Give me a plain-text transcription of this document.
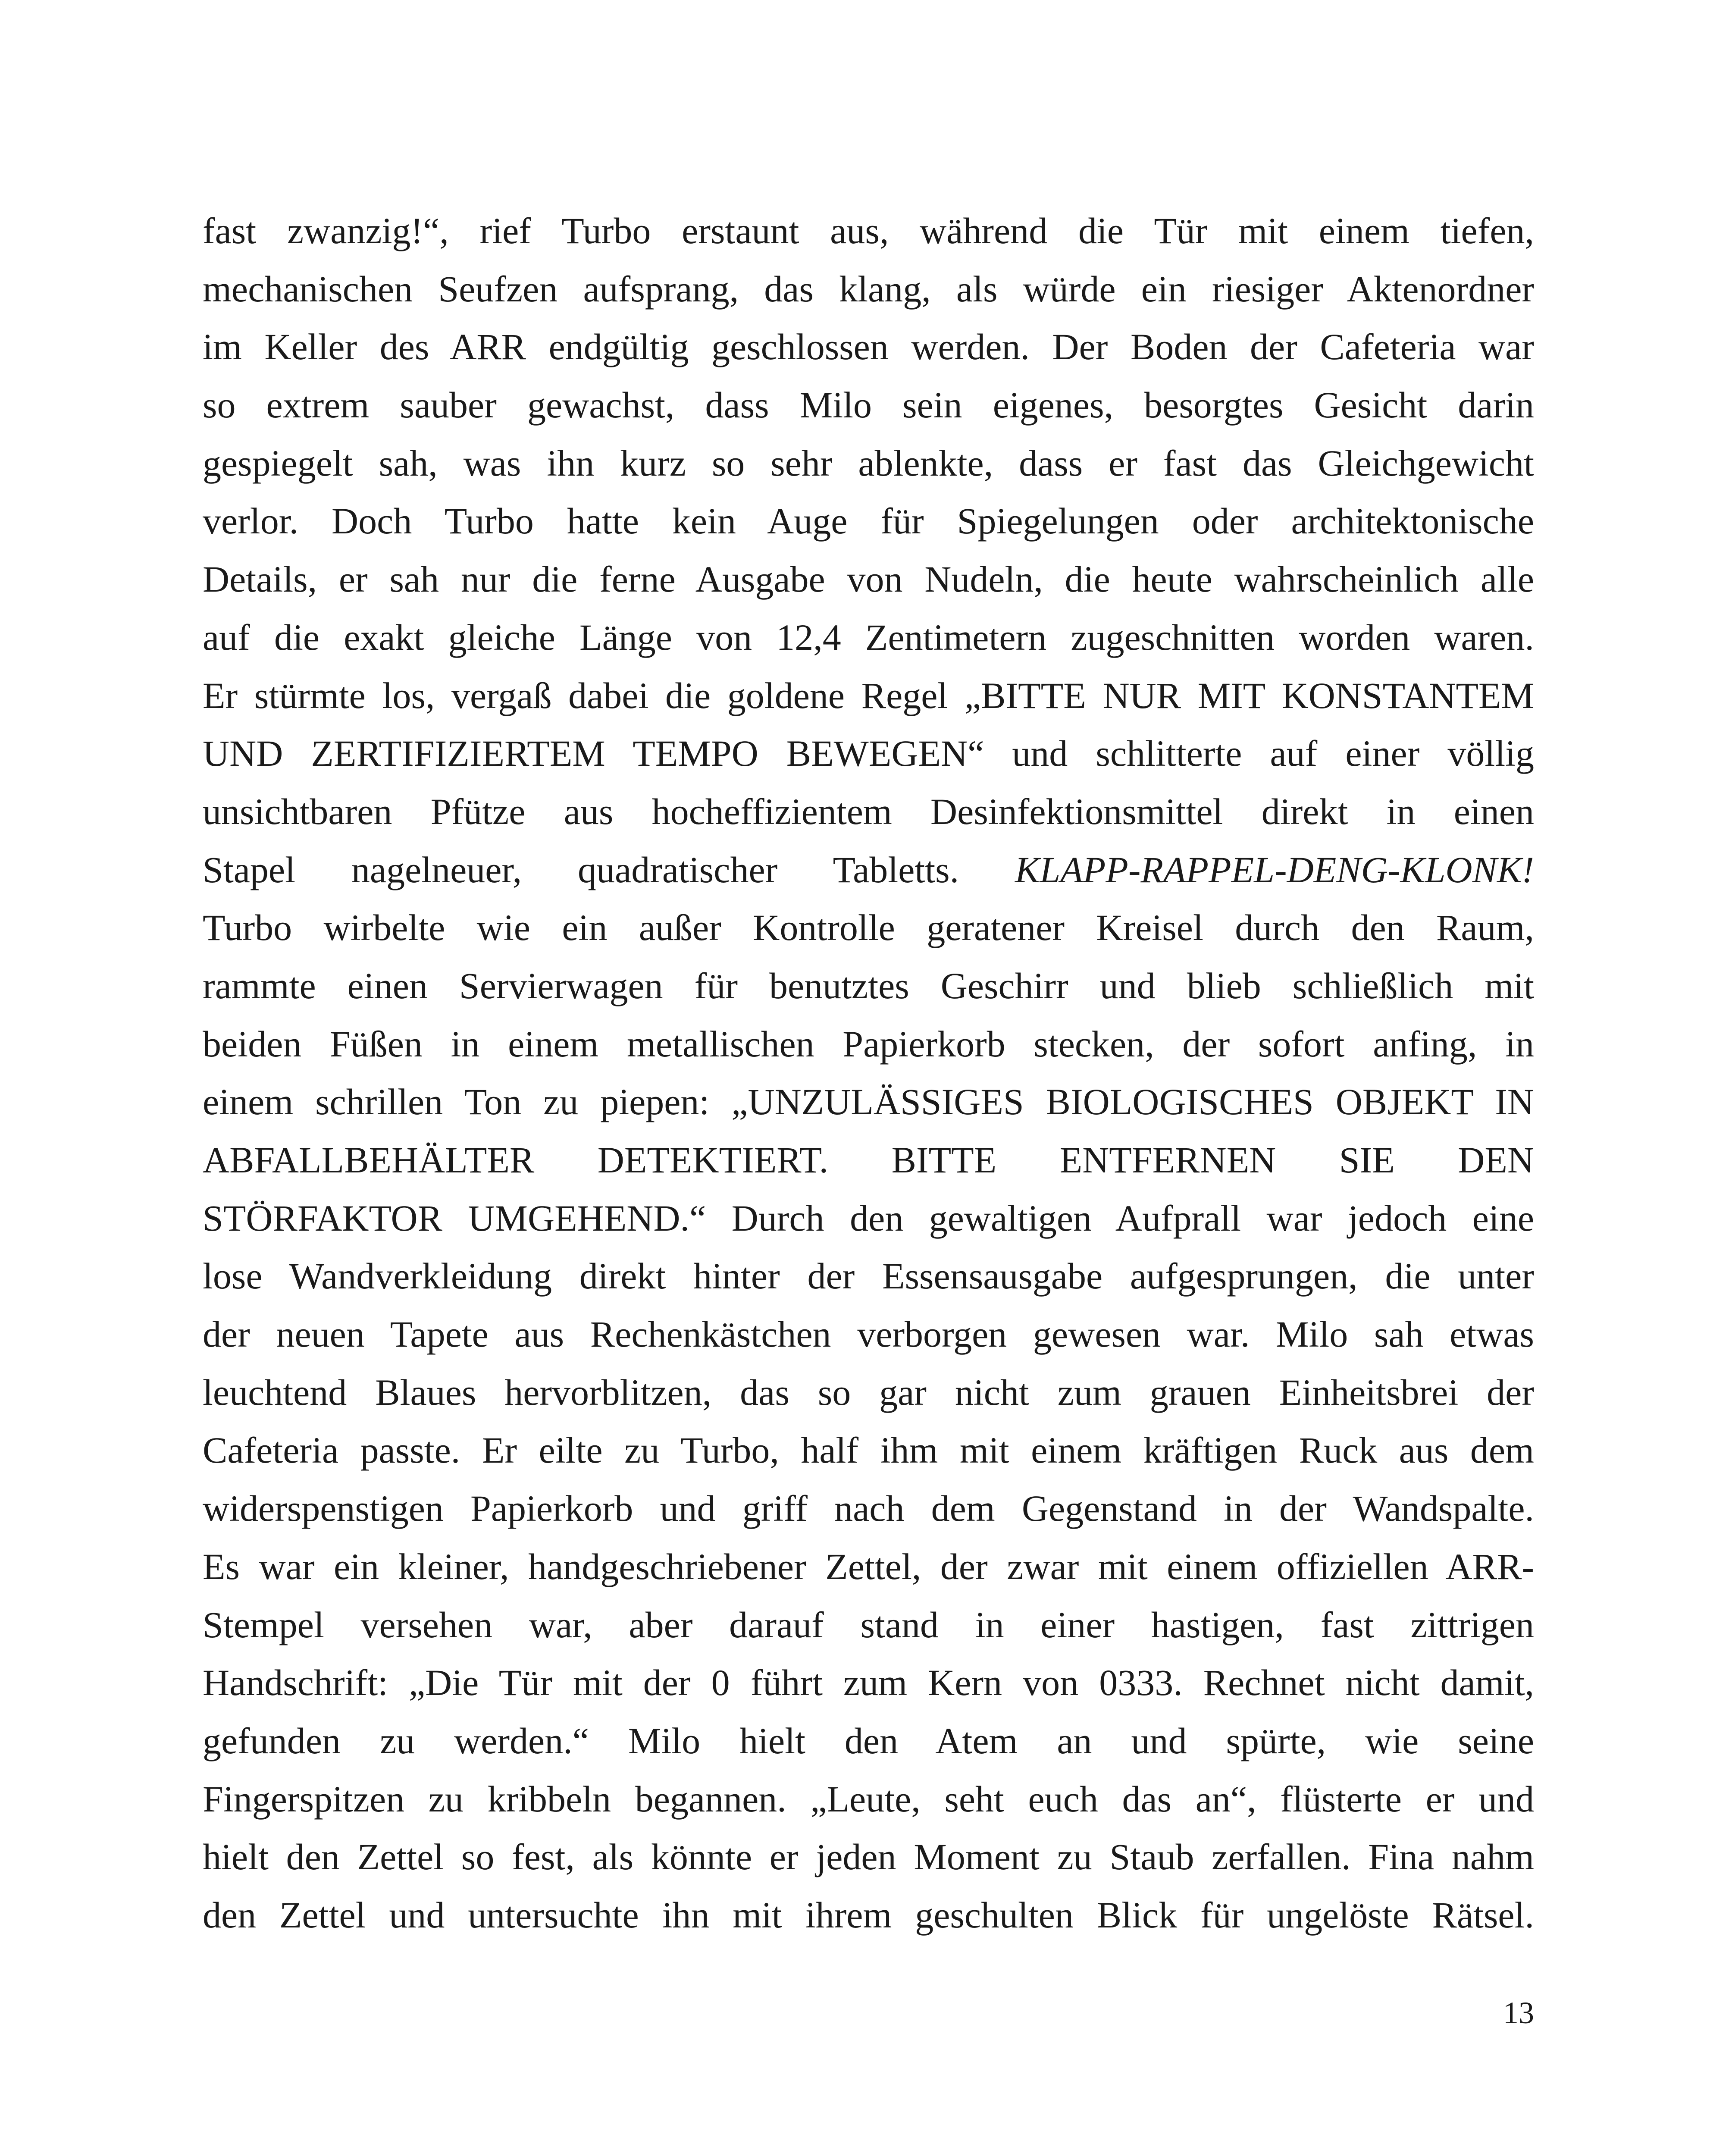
fast zwanzig!“, rief Turbo erstaunt aus, während die Tür mit einem tiefen,
mechanischen Seufzen aufsprang, das klang, als würde ein riesiger Aktenordner
im Keller des ARR endgültig geschlossen werden. Der Boden der Cafeteria war
so extrem sauber gewachst, dass Milo sein eigenes, besorgtes Gesicht darin
gespiegelt sah, was ihn kurz so sehr ablenkte, dass er fast das Gleichgewicht
verlor. Doch Turbo hatte kein Auge für Spiegelungen oder architektonische
Details, er sah nur die ferne Ausgabe von Nudeln, die heute wahrscheinlich alle
auf die exakt gleiche Länge von 12,4 Zentimetern zugeschnitten worden waren.
Er stürmte los, vergaß dabei die goldene Regel „BITTE NUR MIT KONSTANTEM
UND ZERTIFIZIERTEM TEMPO BEWEGEN“ und schlitterte auf einer völlig
unsichtbaren Pfütze aus hocheffizientem Desinfektionsmittel direkt in einen
Stapel nagelneuer, quadratischer Tabletts. KLAPP-RAPPEL-DENG-KLONK!
Turbo wirbelte wie ein außer Kontrolle geratener Kreisel durch den Raum,
rammte einen Servierwagen für benutztes Geschirr und blieb schließlich mit
beiden Füßen in einem metallischen Papierkorb stecken, der sofort anfing, in
einem schrillen Ton zu piepen: „UNZULÄSSIGES BIOLOGISCHES OBJEKT IN
ABFALLBEHÄLTER DETEKTIERT. BITTE ENTFERNEN SIE DEN
STÖRFAKTOR UMGEHEND.“ Durch den gewaltigen Aufprall war jedoch eine
lose Wandverkleidung direkt hinter der Essensausgabe aufgesprungen, die unter
der neuen Tapete aus Rechenkästchen verborgen gewesen war. Milo sah etwas
leuchtend Blaues hervorblitzen, das so gar nicht zum grauen Einheitsbrei der
Cafeteria passte. Er eilte zu Turbo, half ihm mit einem kräftigen Ruck aus dem
widerspenstigen Papierkorb und griff nach dem Gegenstand in der Wandspalte.
Es war ein kleiner, handgeschriebener Zettel, der zwar mit einem offiziellen ARR-
Stempel versehen war, aber darauf stand in einer hastigen, fast zittrigen
Handschrift: „Die Tür mit der 0 führt zum Kern von 0333. Rechnet nicht damit,
gefunden zu werden.“ Milo hielt den Atem an und spürte, wie seine
Fingerspitzen zu kribbeln begannen. „Leute, seht euch das an“, flüsterte er und
hielt den Zettel so fest, als könnte er jeden Moment zu Staub zerfallen. Fina nahm
den Zettel und untersuchte ihn mit ihrem geschulten Blick für ungelöste Rätsel.
13
